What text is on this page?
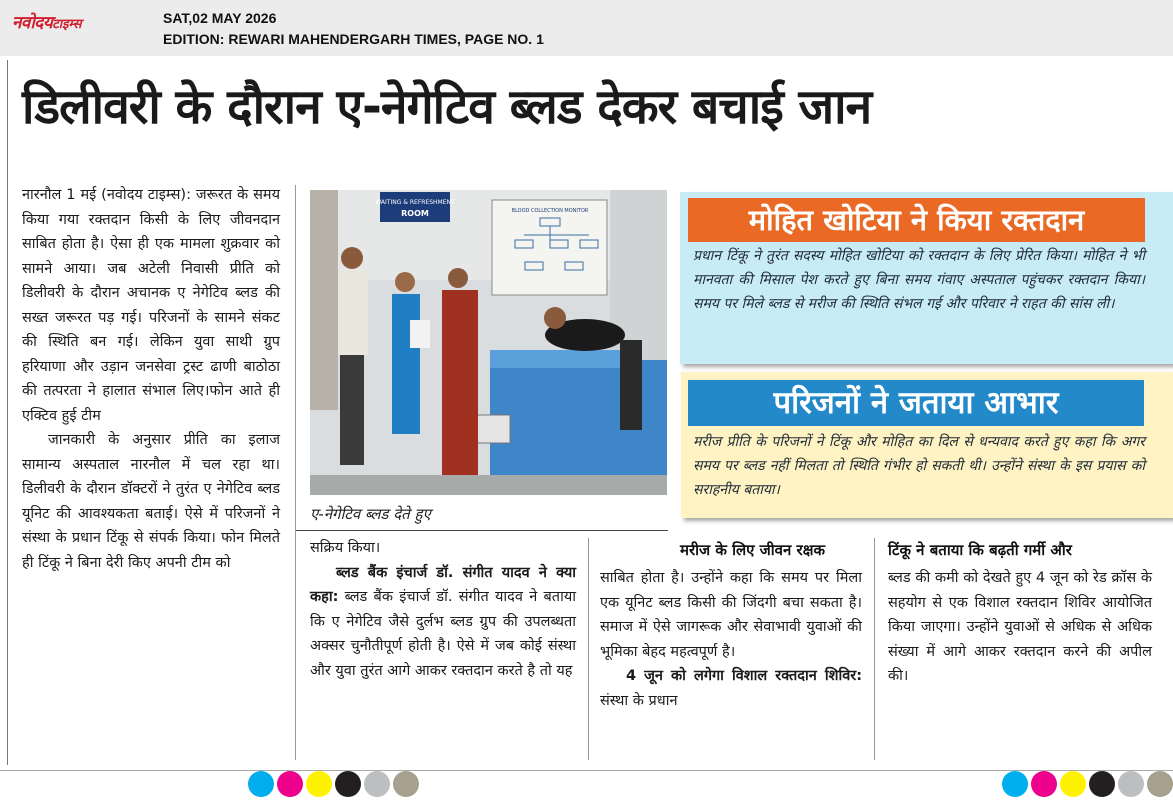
नवोदयटाइम्स	SAT,02 MAY 2026
EDITION: REWARI MAHENDERGARH TIMES, PAGE NO. 1
डिलीवरी के दौरान ए-नेगेटिव ब्लड देकर बचाई जान

नारनौल 1 मई (नवोदय टाइम्स): जरूरत के समय किया गया रक्तदान किसी के लिए जीवनदान साबित होता है। ऐसा ही एक मामला शुक्रवार को सामने आया। जब अटेली निवासी प्रीति को डिलीवरी के दौरान अचानक ए नेगेटिव ब्लड की सख्त जरूरत पड़ गई। परिजनों के सामने संकट की स्थिति बन गई। लेकिन युवा साथी ग्रुप हरियाणा और उड़ान जनसेवा ट्रस्ट ढाणी बाठोठा की तत्परता ने हालात संभाल लिए।फोन आते ही एक्टिव हुई टीम

जानकारी के अनुसार प्रीति का इलाज सामान्य अस्पताल नारनौल में चल रहा था। डिलीवरी के दौरान डॉक्टरों ने तुरंत ए नेगेटिव ब्लड यूनिट की आवश्यकता बताई। ऐसे में परिजनों ने संस्था के प्रधान टिंकू से संपर्क किया। फोन मिलते ही टिंकू ने बिना देरी किए अपनी टीम को

WAITING & REFRESHMENT
ROOM	BLOOD COLLECTION MONITOR
ए-नेगेटिव ब्लड देते हुए

सक्रिय किया।

ब्लड बैंक इंचार्ज डॉ. संगीत यादव ने क्या कहा: ब्लड बैंक इंचार्ज डॉ. संगीत यादव ने बताया कि ए नेगेटिव जैसे दुर्लभ ब्लड ग्रुप की उपलब्धता अक्सर चुनौतीपूर्ण होती है। ऐसे में जब कोई संस्था और युवा तुरंत आगे आकर रक्तदान करते है तो यह

मरीज के लिए जीवन रक्षक

साबित होता है। उन्होंने कहा कि समय पर मिला एक यूनिट ब्लड किसी की जिंदगी बचा सकता है। समाज में ऐसे जागरूक और सेवाभावी युवाओं की भूमिका बेहद महत्वपूर्ण है।

4 जून को लगेगा विशाल रक्तदान शिविर: संस्था के प्रधान

टिंकू ने बताया कि बढ़ती गर्मी और

ब्लड की कमी को देखते हुए 4 जून को रेड क्रॉस के सहयोग से एक विशाल रक्तदान शिविर आयोजित किया जाएगा। उन्होंने युवाओं से अधिक से अधिक संख्या में आगे आकर रक्तदान करने की अपील की।

मोहित खोटिया ने किया रक्तदान
प्रधान टिंकू ने तुरंत सदस्य मोहित खोटिया को रक्तदान के लिए प्रेरित किया। मोहित ने भी मानवता की मिसाल पेश करते हुए बिना समय गंवाए अस्पताल पहुंचकर रक्तदान किया। समय पर मिले ब्लड से मरीज की स्थिति संभल गई और परिवार ने राहत की सांस ली।
परिजनों ने जताया आभार
मरीज प्रीति के परिजनों ने टिंकू और मोहित का दिल से धन्यवाद करते हुए कहा कि अगर समय पर ब्लड नहीं मिलता तो स्थिति गंभीर हो सकती थी। उन्होंने संस्था के इस प्रयास को सराहनीय बताया।
